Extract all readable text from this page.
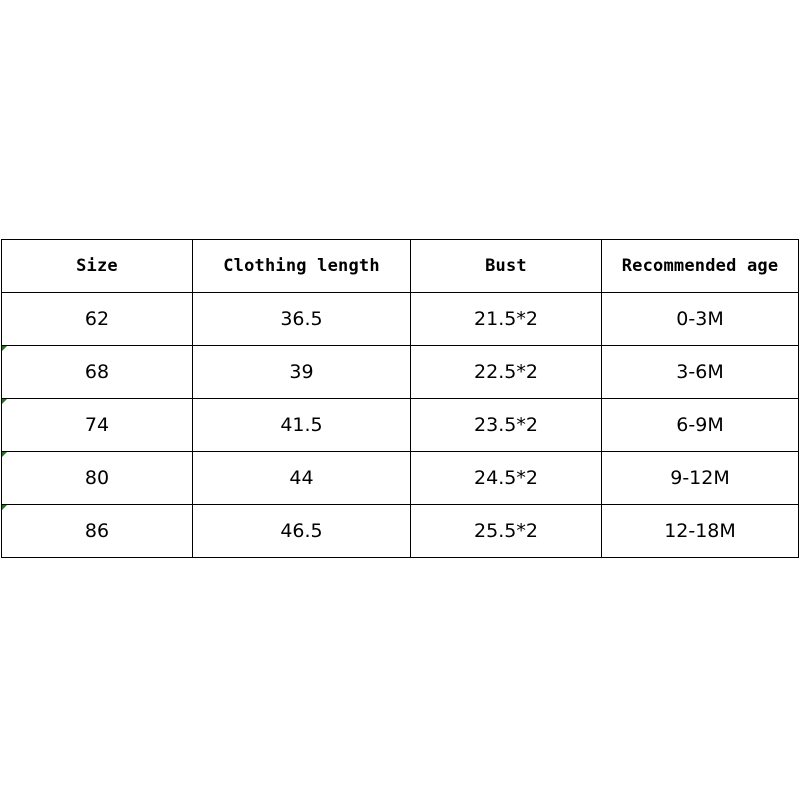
Size	Clothing length	Bust	Recommended age
62	36.5	21.5*2	0-3M

68	39	22.5*2	3-6M

74	41.5	23.5*2	6-9M

80	44	24.5*2	9-12M

86	46.5	25.5*2	12-18M
